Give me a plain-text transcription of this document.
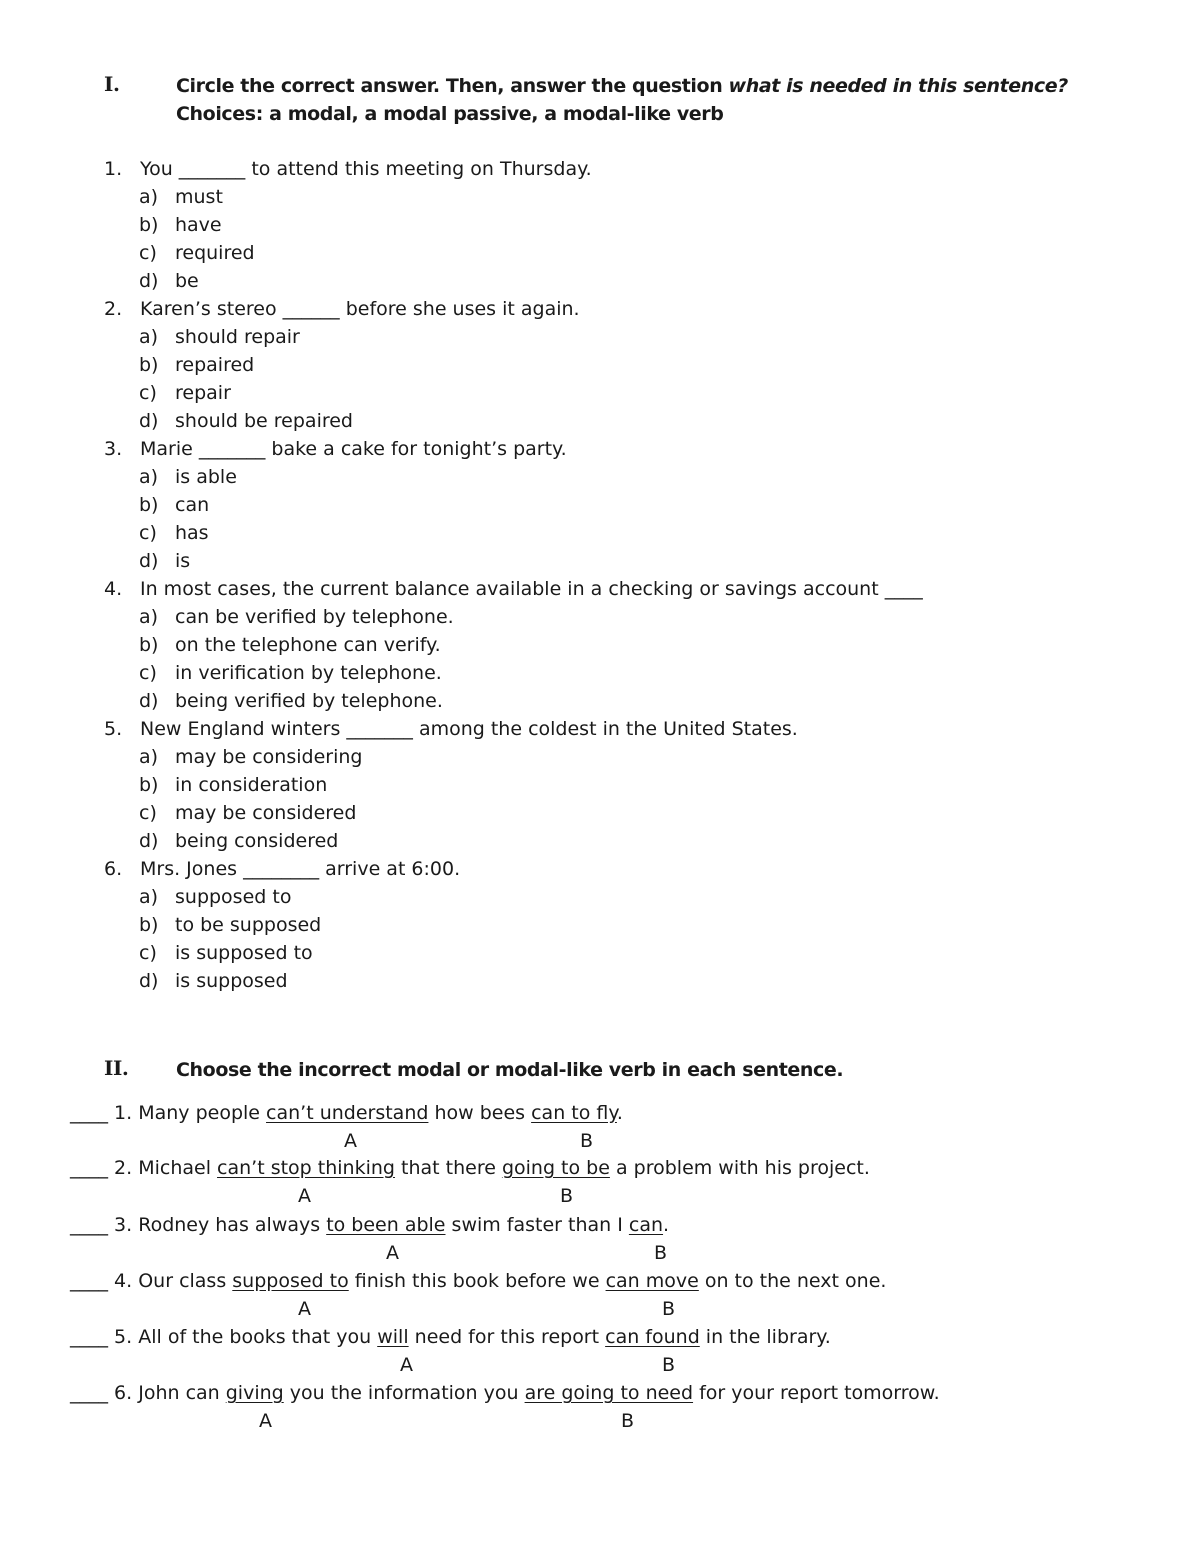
I.	Circle the correct answer. Then, answer the question what is needed in this sentence? Choices: a modal, a modal passive, a modal-like verb
1. You _______ to attend this meeting on Thursday.
a) must
b) have
c) required
d) be
2. Karen’s stereo ______ before she uses it again.
a) should repair
b) repaired
c) repair
d) should be repaired
3. Marie _______ bake a cake for tonight’s party.
a) is able
b) can
c) has
d) is
4. In most cases, the current balance available in a checking or savings account ____
a) can be verified by telephone.
b) on the telephone can verify.
c) in verification by telephone.
d) being verified by telephone.
5. New England winters _______ among the coldest in the United States.
a) may be considering
b) in consideration
c) may be considered
d) being considered
6. Mrs. Jones ________ arrive at 6:00.
a) supposed to
b) to be supposed
c) is supposed to
d) is supposed
II.	Choose the incorrect modal or modal-like verb in each sentence.
____ 1. Many people can’t understand how bees can to fly.
A	B
____ 2. Michael can’t stop thinking that there going to be a problem with his project.
A	B
____ 3. Rodney has always to been able swim faster than I can.
A	B
____ 4. Our class supposed to finish this book before we can move on to the next one.
A	B
____ 5. All of the books that you will need for this report can found in the library.
A	B
____ 6. John can giving you the information you are going to need for your report tomorrow.
A	B
